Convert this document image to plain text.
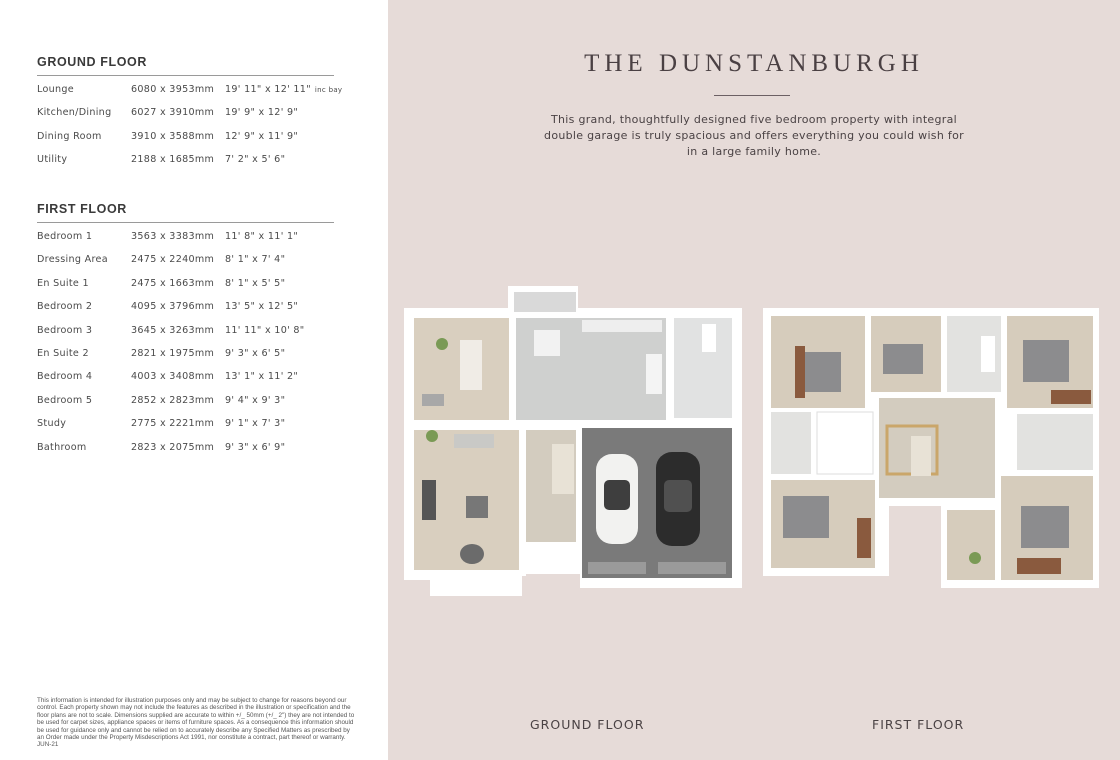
GROUND FLOOR
Lounge	6080 x 3953mm 19' 11" x 12' 11" inc bay
Kitchen/Dining 6027 x 3910mm 19' 9" x 12' 9"
Dining Room	3910 x 3588mm 12' 9" x 11' 9"
Utility	2188 x 1685mm 7' 2" x 5' 6"
FIRST FLOOR
Bedroom 1	3563 x 3383mm 11' 8" x 11' 1"
Dressing Area 2475 x 2240mm 8' 1" x 7' 4"
En Suite 1	2475 x 1663mm 8' 1" x 5' 5"
Bedroom 2	4095 x 3796mm 13' 5" x 12' 5"
Bedroom 3	3645 x 3263mm 11' 11" x 10' 8"
En Suite 2	2821 x 1975mm 9' 3" x 6' 5"
Bedroom 4	4003 x 3408mm 13' 1" x 11' 2"
Bedroom 5	2852 x 2823mm 9' 4" x 9' 3"
Study	2775 x 2221mm 9' 1" x 7' 3"
Bathroom	2823 x 2075mm 9' 3" x 6' 9"
This information is intended for illustration purposes only and may be subject to change for reasons beyond our control. Each property shown may not include the features as described in the illustration or specification and the floor plans are not to scale. Dimensions supplied are accurate to within +/_ 50mm (+/_ 2") they are not intended to be used for carpet sizes, appliance spaces or items of furniture spaces. As a consequence this information should be used for guidance only and cannot be relied on to accurately describe any Specified Matters as prescribed by an Order made under the Property Misdescriptions Act 1991, nor constitute a contract, part thereof or warranty. JUN-21
THE DUNSTANBURGH
This grand, thoughtfully designed five bedroom property with integral double garage is truly spacious and offers everything you could wish for in a large family home.
GROUND FLOOR	FIRST FLOOR
